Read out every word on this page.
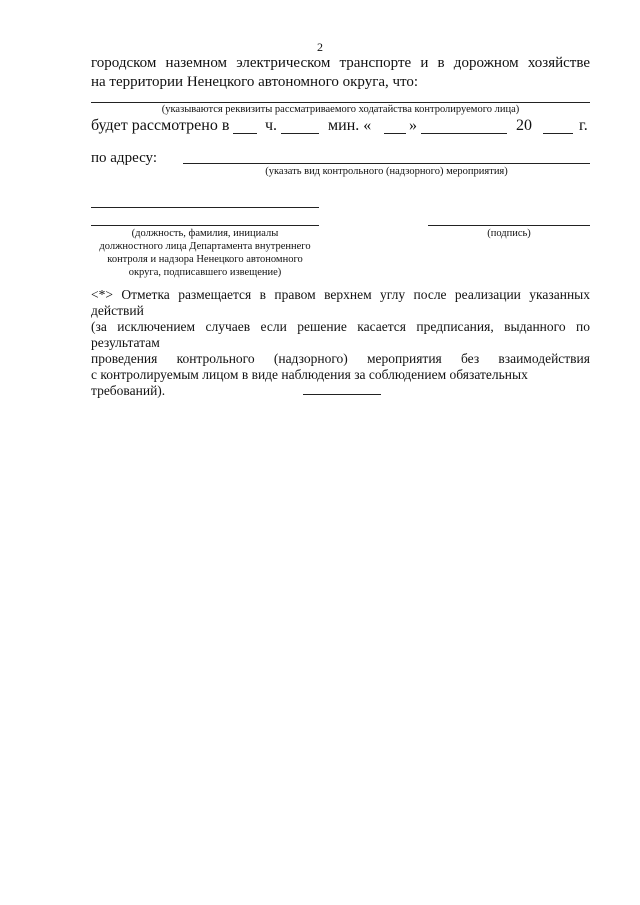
2
городском наземном электрическом транспорте и в дорожном хозяйстве
на территории Ненецкого автономного округа, что:
(указываются реквизиты рассматриваемого ходатайства контролируемого лица)
будет рассмотрено в ч.	мин. « »	20	г.
по адресу:
(указать вид контрольного (надзорного) мероприятия)
(должность, фамилия, инициалы
должностного лица Департамента внутреннего
контроля и надзора Ненецкого автономного
округа, подписавшего извещение)
(подпись)
<*> Отметка размещается в правом верхнем углу после реализации указанных действий
(за исключением случаев если решение касается предписания, выданного по результатам
проведения контрольного (надзорного) мероприятия без взаимодействия
с контролируемым лицом в виде наблюдения за соблюдением обязательных требований).
